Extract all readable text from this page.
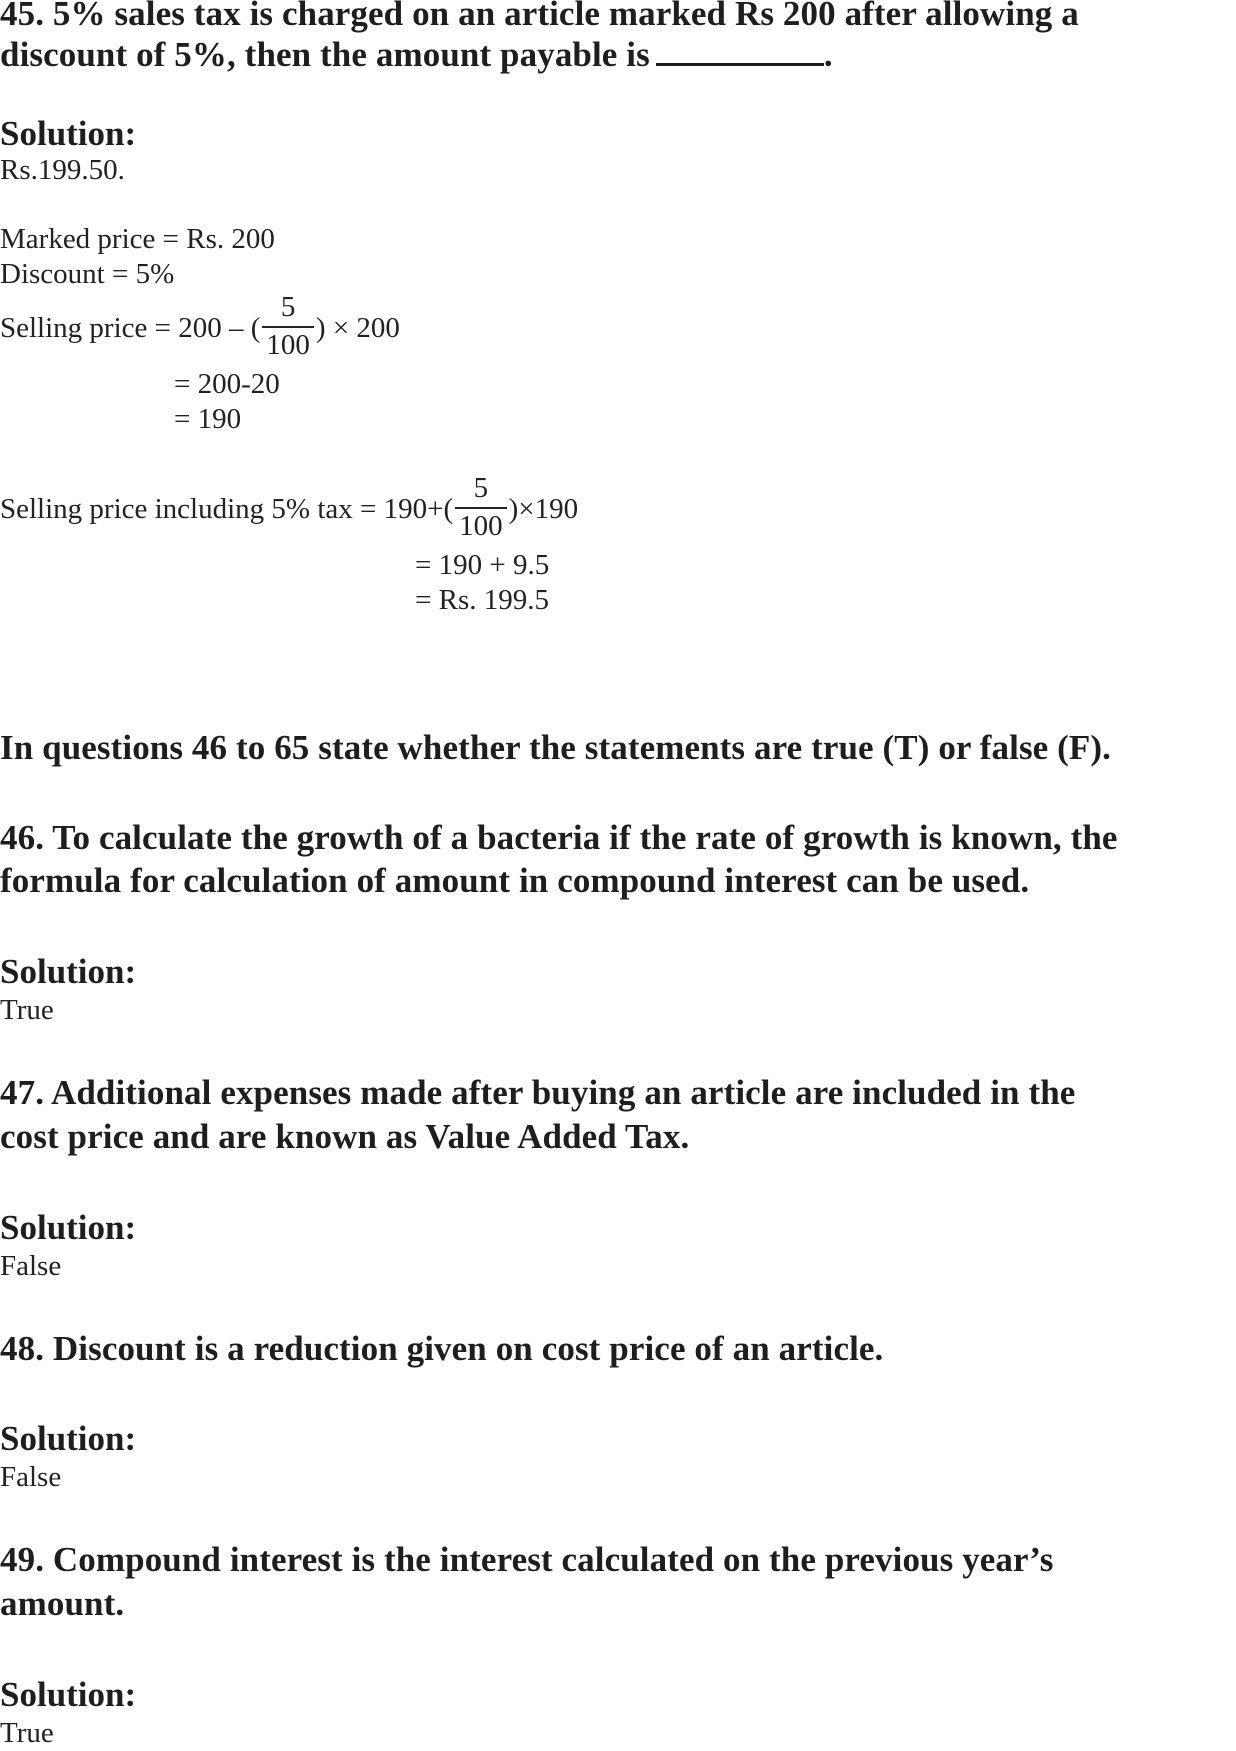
45. 5% sales tax is charged on an article marked Rs 200 after allowing a
discount of 5%, then the amount payable is	.
Solution:
Rs.199.50.
Marked price = Rs. 200
Discount = 5%
Selling price = 200 – ( $\frac{5}{100}$ ) × 200
= 200-20
= 190
Selling price including 5% tax = $190+( \frac{5}{100} )\times 190$
= 190 + 9.5
= Rs. 199.5
In questions 46 to 65 state whether the statements are true (T) or false (F).
46. To calculate the growth of a bacteria if the rate of growth is known, the
formula for calculation of amount in compound interest can be used.
Solution:
True
47. Additional expenses made after buying an article are included in the
cost price and are known as Value Added Tax.
Solution:
False
48. Discount is a reduction given on cost price of an article.
Solution:
False
49. Compound interest is the interest calculated on the previous year’s
amount.
Solution:
True
